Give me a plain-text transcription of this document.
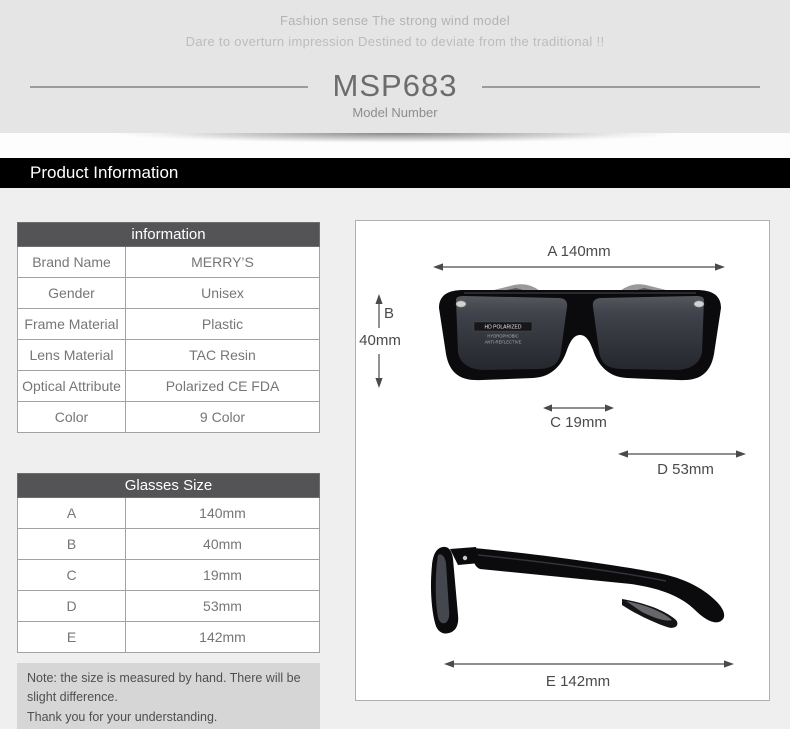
Fashion sense The strong wind model
Dare to overturn impression Destined to deviate from the traditional !!
MSP683
Model Number
Product Information
information	
Brand Name	MERRY’S
Gender	Unisex
Frame Material	Plastic
Lens Material	TAC Resin
Optical Attribute	Polarized CE FDA
Color	9 Color
Glasses Size	
A	140mm
B	40mm
C	19mm
D	53mm
E	142mm
Note: the size is measured by hand. There will be slight difference.
Thank you for your understanding.
A 140mm
HD POLARIZED
HYDROPHOBIC
ANTI-REFLECTIVE
B
40mm
C 19mm
D 53mm
E 142mm
